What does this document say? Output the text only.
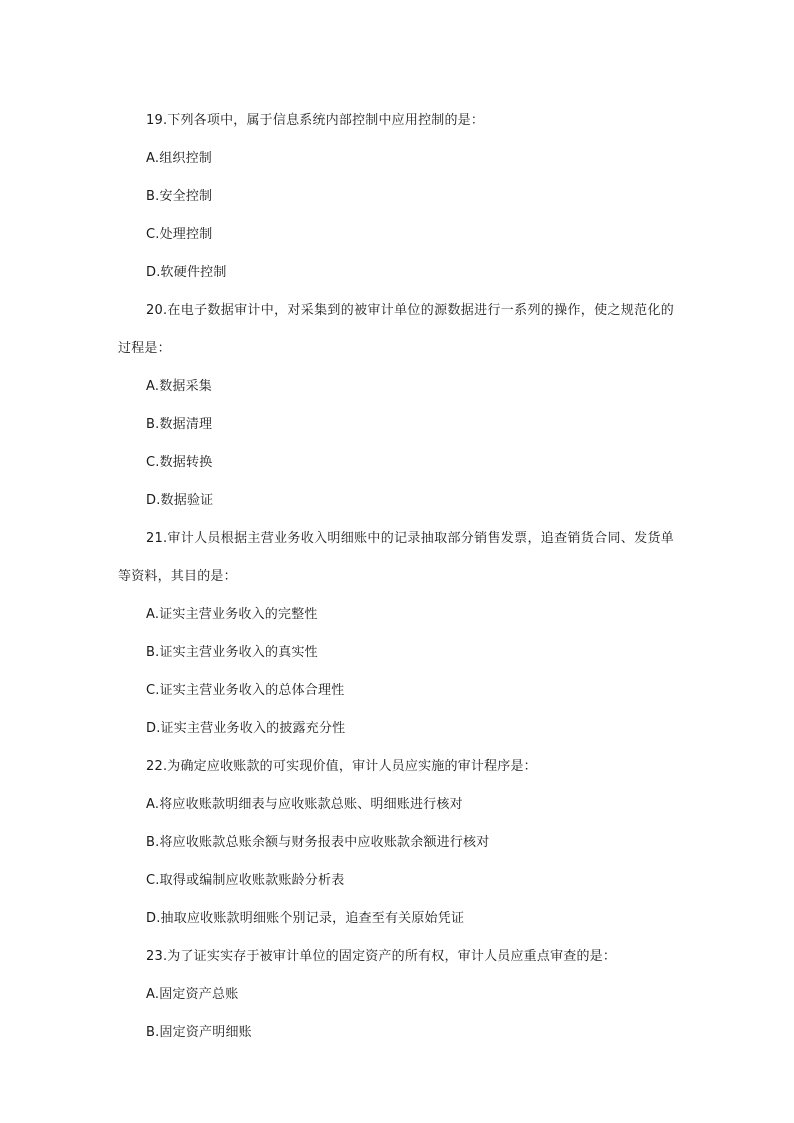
19.下列各项中，属于信息系统内部控制中应用控制的是：
A.组织控制
B.安全控制
C.处理控制
D.软硬件控制
20.在电子数据审计中，对采集到的被审计单位的源数据进行一系列的操作，使之规范化的过程是：
A.数据采集
B.数据清理
C.数据转换
D.数据验证
21.审计人员根据主营业务收入明细账中的记录抽取部分销售发票，追查销货合同、发货单等资料，其目的是：
A.证实主营业务收入的完整性
B.证实主营业务收入的真实性
C.证实主营业务收入的总体合理性
D.证实主营业务收入的披露充分性
22.为确定应收账款的可实现价值，审计人员应实施的审计程序是：
A.将应收账款明细表与应收账款总账、明细账进行核对
B.将应收账款总账余额与财务报表中应收账款余额进行核对
C.取得或编制应收账款账龄分析表
D.抽取应收账款明细账个别记录，追查至有关原始凭证
23.为了证实实存于被审计单位的固定资产的所有权，审计人员应重点审查的是：
A.固定资产总账
B.固定资产明细账
